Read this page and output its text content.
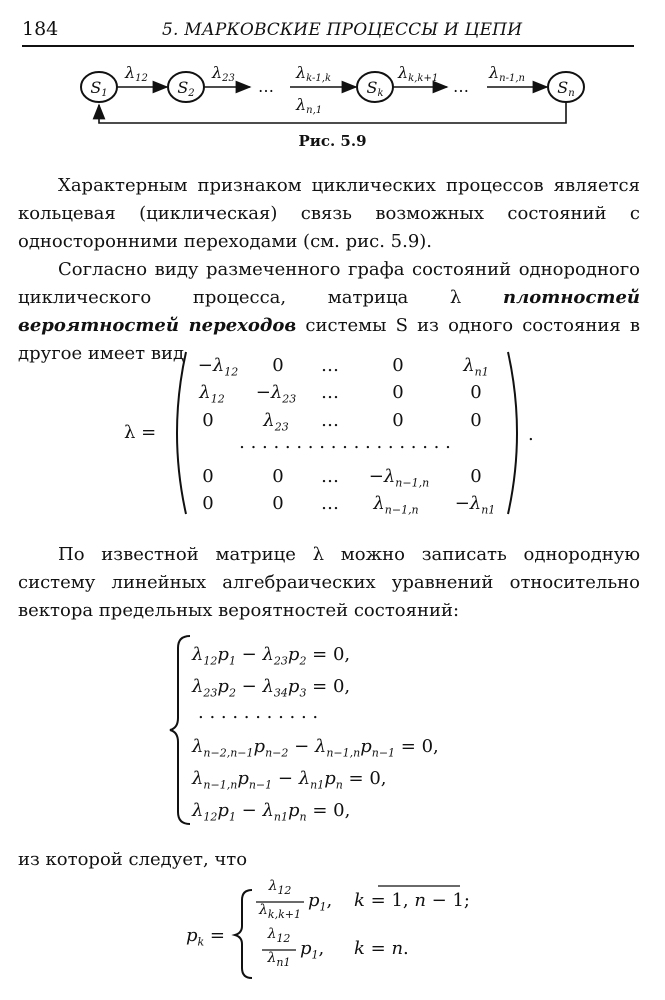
184	5. МАРКОВСКИЕ ПРОЦЕССЫ И ЦЕПИ
S1	S2	Sk	Sn
…	…
λ12	λ23	λk-1,k	λk,k+1	λn-1,n
λn,1
Рис. 5.9
Характерным признаком циклических процессов является кольцевая (циклическая) связь возможных состояний с односторонними переходами (см. рис. 5.9).
Согласно виду размеченного графа состояний однородного циклического процесса, матрица λ плотностей вероятностей переходов системы S из одного состояния в другое имеет вид
λ =
$-\lambda_{12}$	0	…	0	$\lambda_{n1}$
$\lambda_{12}$	$-\lambda_{23}$	…	0	0
0	$\lambda_{23}$	…	0	0
. . . . . . . . . . . . . . . . . . .
0	0	…	$-\lambda_{n-1,n}$	0
0	0	…	$\lambda_{n-1,n}$	$-\lambda_{n1}$
.
По известной матрице λ можно записать однородную систему линейных алгебраических уравнений относительно вектора предельных вероятностей состояний:
$\lambda_{12}p_1 - \lambda_{23}p_2 = 0$,
$\lambda_{23}p_2 - \lambda_{34}p_3 = 0$,
. . . . . . . . . . .
$\lambda_{n-2,n-1}p_{n-2} - \lambda_{n-1,n}p_{n-1} = 0$,
$\lambda_{n-1,n}p_{n-1} - \lambda_{n1}p_n = 0$,
$\lambda_{12}p_1 - \lambda_{n1}p_n = 0$,
из которой следует, что
$p_k$ =
$\lambda_{12}$
$\lambda_{k,k+1}$
$p_1$, k = 1, n − 1;
$\lambda_{12}$
$\lambda_{n1}$
$p_1$, k = n.
